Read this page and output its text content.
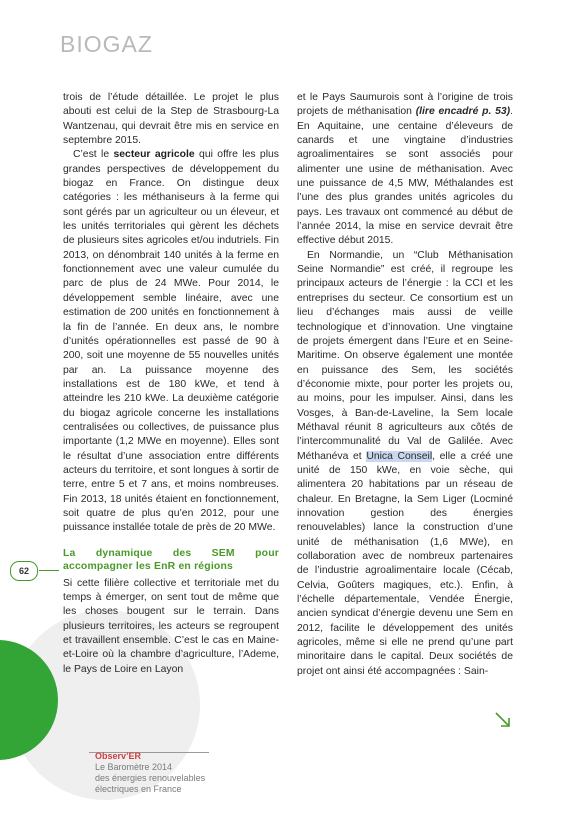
BIOGAZ

trois de l’étude détaillée. Le projet le plus abouti est celui de la Step de Strasbourg-La Wantzenau, qui devrait être mis en service en septembre 2015.

C’est le secteur agricole qui offre les plus grandes perspectives de développement du biogaz en France. On distingue deux catégories : les méthaniseurs à la ferme qui sont gérés par un agriculteur ou un éleveur, et les unités territoriales qui gèrent les déchets de plusieurs sites agricoles et/ou indutriels. Fin 2013, on dénombrait 140 unités à la ferme en fonctionnement avec une valeur cumulée du parc de plus de 24 MWe. Pour 2014, le développement semble linéaire, avec une estimation de 200 unités en fonctionnement à la fin de l’année. En deux ans, le nombre d’unités opérationnelles est passé de 90 à 200, soit une moyenne de 55 nouvelles unités par an. La puissance moyenne des installations est de 180 kWe, et tend à atteindre les 210 kWe. La deuxième catégorie du biogaz agricole concerne les installations centralisées ou collectives, de puissance plus importante (1,2 MWe en moyenne). Elles sont le résultat d’une association entre différents acteurs du territoire, et sont longues à sortir de terre, entre 5 et 7 ans, et moins nombreuses. Fin 2013, 18 unités étaient en fonctionnement, soit quatre de plus qu’en 2012, pour une puissance installée totale de près de 20 MWe.

La dynamique des SEM pour accompagner les EnR en régions

Si cette filière collective et territoriale met du temps à émerger, on sent tout de même que les choses bougent sur le terrain. Dans plusieurs territoires, les acteurs se regroupent et travaillent ensemble. C’est le cas en Maine-et-Loire où la chambre d’agriculture, l’Ademe, le Pays de Loire en Layon

et le Pays Saumurois sont à l’origine de trois projets de méthanisation (lire encadré p. 53). En Aquitaine, une centaine d’éleveurs de canards et une vingtaine d’industries agroalimentaires se sont associés pour alimenter une usine de méthanisation. Avec une puissance de 4,5 MW, Méthalandes est l’une des plus grandes unités agricoles du pays. Les travaux ont commencé au début de l’année 2014, la mise en service devrait être effective début 2015.

En Normandie, un “Club Méthanisation Seine Normandie” est créé, il regroupe les principaux acteurs de l’énergie : la CCI et les entreprises du secteur. Ce consortium est un lieu d’échanges mais aussi de veille technologique et d’innovation. Une vingtaine de projets émergent dans l’Eure et en Seine-Maritime. On observe également une montée en puissance des Sem, les sociétés d’économie mixte, pour porter les projets ou, au moins, pour les impulser. Ainsi, dans les Vosges, à Ban-de-Laveline, la Sem locale Méthaval réunit 8 agriculteurs aux côtés de l’intercommunalité du Val de Galilée. Avec Méthanéva et Unica Conseil, elle a créé une unité de 150 kWe, en voie sèche, qui alimentera 20 habitations par un réseau de chaleur. En Bretagne, la Sem Liger (Locminé innovation gestion des énergies renouvelables) lance la construction d’une unité de méthanisation (1,6 MWe), en collaboration avec de nombreux partenaires de l’industrie agroalimentaire locale (Cécab, Celvia, Goûters magiques, etc.). Enfin, à l’échelle départementale, Vendée Énergie, ancien syndicat d’énergie devenu une Sem en 2012, facilite le développement des unités agricoles, même si elle ne prend qu’une part minoritaire dans le capital. Deux sociétés de projet ont ainsi été accompagnées : Sain-

62
Observ’ER
Le Baromètre 2014
des énergies renouvelables
électriques en France
